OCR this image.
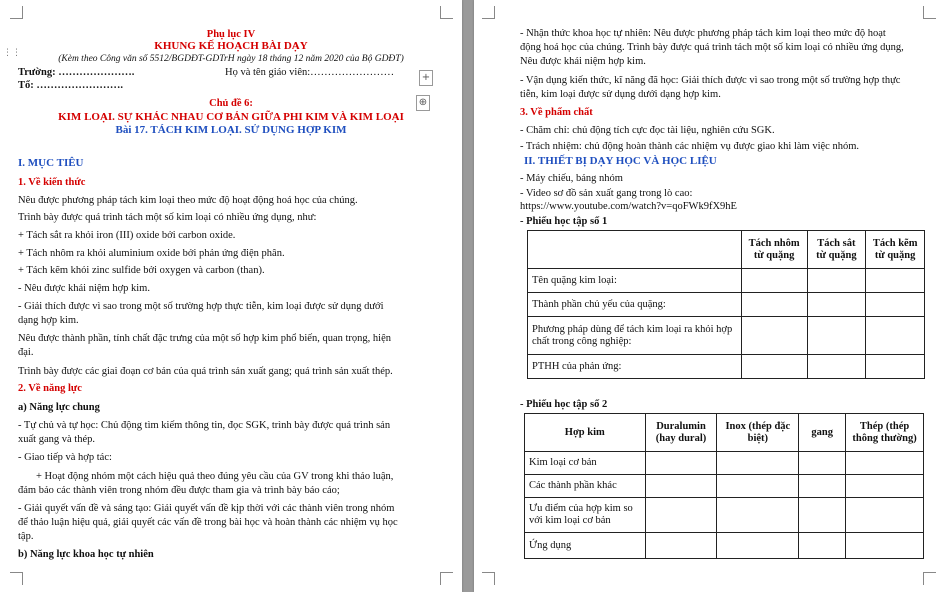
⋮⋮
Phụ lục IV
KHUNG KẾ HOẠCH BÀI DẠY
(Kèm theo Công văn số 5512/BGDĐT-GDTrH ngày 18 tháng 12 năm 2020 của Bộ GDĐT)
Trường: ………………….	Họ và tên giáo viên:……………………
Tổ: …………………….
+
⊕
Chủ đề 6:
KIM LOẠI. SỰ KHÁC NHAU CƠ BẢN GIỮA PHI KIM VÀ KIM LOẠI
Bài 17. TÁCH KIM LOẠI. SỬ DỤNG HỢP KIM
I. MỤC TIÊU
1. Về kiến thức
Nêu được phương pháp tách kim loại theo mức độ hoạt động hoá học của chúng.
Trình bày được quá trình tách một số kim loại có nhiều ứng dụng, như:
+ Tách sắt ra khỏi iron (III) oxide bởi carbon oxide.
+ Tách nhôm ra khỏi aluminium oxide bởi phản ứng điện phân.
+ Tách kẽm khỏi zinc sulfide bởi oxygen và carbon (than).
- Nêu được khái niệm hợp kim.
- Giải thích được vì sao trong một số trường hợp thực tiễn, kim loại được sử dụng dưới
dạng hợp kim.
Nêu được thành phần, tính chất đặc trưng của một số hợp kim phổ biến, quan trọng, hiện
đại.
Trình bày được các giai đoạn cơ bản của quá trình sản xuất gang; quá trình sản xuất thép.
2. Về năng lực
a) Năng lực chung
- Tự chủ và tự học: Chủ động tìm kiếm thông tin, đọc SGK, trình bày được quá trình sản
xuất gang và thép.
- Giao tiếp và hợp tác:
+ Hoạt động nhóm một cách hiệu quả theo đúng yêu cầu của GV trong khi thảo luận,
đảm bảo các thành viên trong nhóm đều được tham gia và trình bày báo cáo;
- Giải quyết vấn đề và sáng tạo: Giải quyết vấn đề kịp thời với các thành viên trong nhóm
để thảo luận hiệu quả, giải quyết các vấn đề trong bài học và hoàn thành các nhiệm vụ học
tập.
b) Năng lực khoa học tự nhiên
- Nhận thức khoa học tự nhiên: Nêu được phương pháp tách kim loại theo mức độ hoạt
động hoá học của chúng. Trình bày được quá trình tách một số kim loại có nhiều ứng dụng,
Nêu được khái niệm hợp kim.
- Vận dụng kiến thức, kĩ năng đã học: Giải thích được vì sao trong một số trường hợp thực
tiễn, kim loại được sử dụng dưới dạng hợp kim.
3. Về phẩm chất
- Chăm chỉ: chủ động tích cực đọc tài liệu, nghiên cứu SGK.
- Trách nhiệm: chủ động hoàn thành các nhiệm vụ được giao khi làm việc nhóm.
II. THIẾT BỊ DẠY HỌC VÀ HỌC LIỆU
- Máy chiếu, bảng nhóm
- Video sơ đồ sản xuất gang trong lò cao:
https://www.youtube.com/watch?v=qoFWk9fX9hE
- Phiếu học tập số 1
	Tách nhôm từ quặng	Tách sắt từ quặng	Tách kẽm từ quặng
Tên quặng kim loại:			
Thành phần chủ yếu của quặng:			
Phương pháp dùng để tách kim loại ra khỏi hợp chất trong công nghiệp:			
PTHH của phản ứng:			
- Phiếu học tập số 2
Hợp kim	Duralumin (hay dural)	Inox (thép đặc biệt)	gang	Thép (thép thông thường)
Kim loại cơ bản				
Các thành phần khác				
Ưu điểm của hợp kim so với kim loại cơ bản				
Ứng dụng				
